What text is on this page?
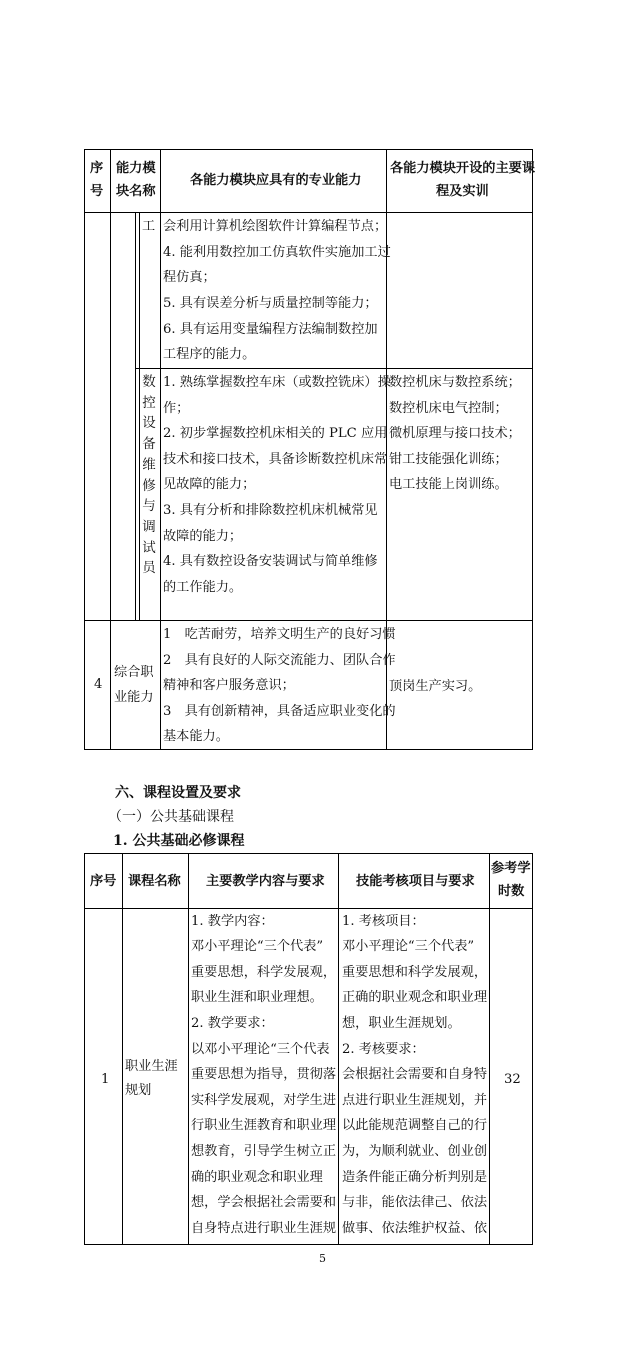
序
号
能力模
块名称
各能力模块应具有的专业能力
各能力模块开设的主要课
程及实训
工 会利用计算机绘图软件计算编程节点；
4. 能利用数控加工仿真软件实施加工过
程仿真；
5. 具有误差分析与质量控制等能力；
6. 具有运用变量编程方法编制数控加
工程序的能力。
数
控
设
备
维
修
与
调
试
员
1. 熟练掌握数控车床（或数控铣床）操
作；
2. 初步掌握数控机床相关的 PLC 应用
技术和接口技术，具备诊断数控机床常
见故障的能力；
3. 具有分析和排除数控机床机械常见
故障的能力；
4. 具有数控设备安装调试与简单维修
的工作能力。
数控机床与数控系统；
数控机床电气控制；
微机原理与接口技术；
钳工技能强化训练；
电工技能上岗训练。
4
综合职
业能力
1　吃苦耐劳，培养文明生产的良好习惯
2　具有良好的人际交流能力、团队合作
精神和客户服务意识；
3　具有创新精神，具备适应职业变化的
基本能力。
顶岗生产实习。
六、课程设置及要求
（一）公共基础课程
1. 公共基础必修课程
序号 课程名称 主要教学内容与要求 技能考核项目与要求
参考学
时数
1
职业生涯
规划
1. 教学内容：
邓小平理论“三个代表”
重要思想，科学发展观，
职业生涯和职业理想。
2. 教学要求：
以邓小平理论“三个代表
重要思想为指导，贯彻落
实科学发展观，对学生进
行职业生涯教育和职业理
想教育，引导学生树立正
确的职业观念和职业理
想，学会根据社会需要和
自身特点进行职业生涯规
1. 考核项目：
邓小平理论“三个代表”
重要思想和科学发展观，
正确的职业观念和职业理
想，职业生涯规划。
2. 考核要求：
会根据社会需要和自身特
点进行职业生涯规划，并
以此能规范调整自己的行
为，为顺利就业、创业创
造条件能正确分析判别是
与非，能依法律己、依法
做事、依法维护权益、依
32
5
